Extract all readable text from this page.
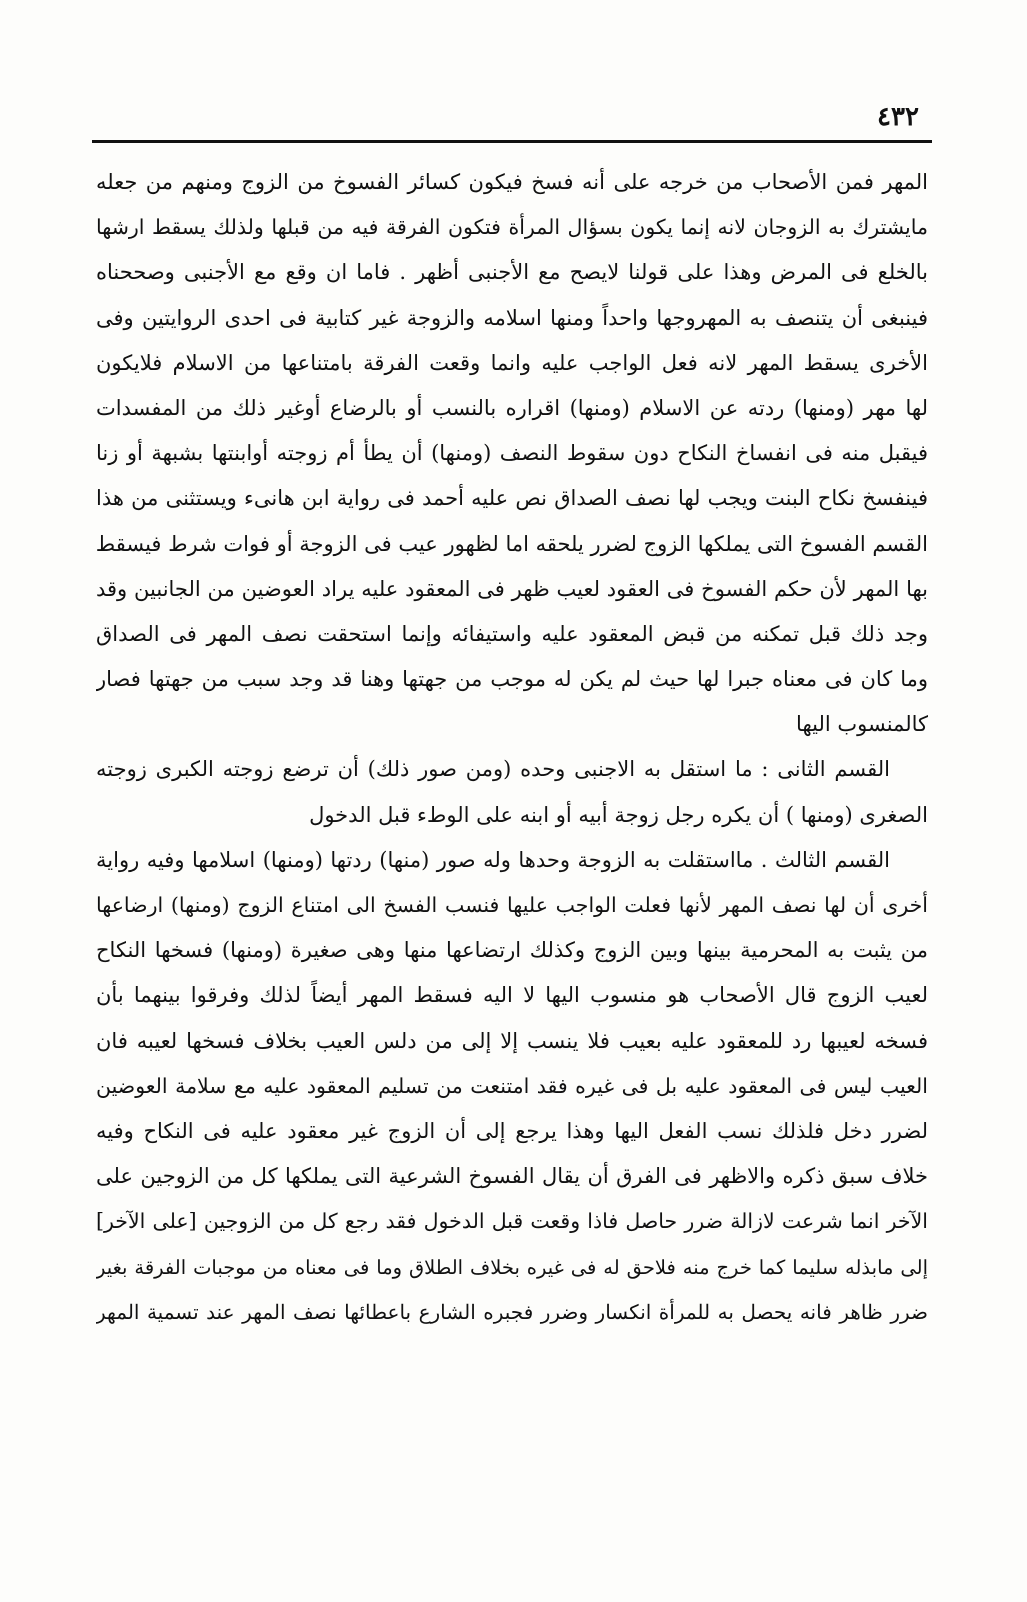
٤٣٢
المهر فمن الأصحاب من خرجه على أنه فسخ فيكون كسائر الفسوخ من الزوج ومنهم من جعله
مايشترك به الزوجان لانه إنما يكون بسؤال المرأة فتكون الفرقة فيه من قبلها ولذلك يسقط ارشها
بالخلع فى المرض وهذا على قولنا لايصح مع الأجنبى أظهر . فاما ان وقع مع الأجنبى وصححناه
فينبغى أن يتنصف به المهروجها واحداً ومنها اسلامه والزوجة غير كتابية فى احدى الروايتين وفى
الأخرى يسقط المهر لانه فعل الواجب عليه وانما وقعت الفرقة بامتناعها من الاسلام فلايكون
لها مهر (ومنها) ردته عن الاسلام (ومنها) اقراره بالنسب أو بالرضاع أوغير ذلك من المفسدات
فيقبل منه فى انفساخ النكاح دون سقوط النصف (ومنها) أن يطأ أم زوجته أوابنتها بشبهة أو زنا
فينفسخ نكاح البنت ويجب لها نصف الصداق نص عليه أحمد فى رواية ابن هانىء ويستثنى من هذا
القسم الفسوخ التى يملكها الزوج لضرر يلحقه اما لظهور عيب فى الزوجة أو فوات شرط فيسقط
بها المهر لأن حكم الفسوخ فى العقود لعيب ظهر فى المعقود عليه يراد العوضين من الجانبين وقد
وجد ذلك قبل تمكنه من قبض المعقود عليه واستيفائه وإنما استحقت نصف المهر فى الصداق
وما كان فى معناه جبرا لها حيث لم يكن له موجب من جهتها وهنا قد وجد سبب من جهتها فصار
كالمنسوب اليها
القسم الثانى : ما استقل به الاجنبى وحده (ومن صور ذلك) أن ترضع زوجته الكبرى زوجته
الصغرى (ومنها ) أن يكره رجل زوجة أبيه أو ابنه على الوطء قبل الدخول
القسم الثالث . مااستقلت به الزوجة وحدها وله صور (منها) ردتها (ومنها) اسلامها وفيه رواية
أخرى أن لها نصف المهر لأنها فعلت الواجب عليها فنسب الفسخ الى امتناع الزوج (ومنها) ارضاعها
من يثبت به المحرمية بينها وبين الزوج وكذلك ارتضاعها منها وهى صغيرة (ومنها) فسخها النكاح
لعيب الزوج قال الأصحاب هو منسوب اليها لا اليه فسقط المهر أيضاً لذلك وفرقوا بينهما بأن
فسخه لعيبها رد للمعقود عليه بعيب فلا ينسب إلا إلى من دلس العيب بخلاف فسخها لعيبه فان
العيب ليس فى المعقود عليه بل فى غيره فقد امتنعت من تسليم المعقود عليه مع سلامة العوضين
لضرر دخل فلذلك نسب الفعل اليها وهذا يرجع إلى أن الزوج غير معقود عليه فى النكاح وفيه
خلاف سبق ذكره والاظهر فى الفرق أن يقال الفسوخ الشرعية التى يملكها كل من الزوجين على
الآخر انما شرعت لازالة ضرر حاصل فاذا وقعت قبل الدخول فقد رجع كل من الزوجين [على الآخر]
إلى مابذله سليما كما خرج منه فلاحق له فى غيره بخلاف الطلاق وما فى معناه من موجبات الفرقة بغير
ضرر ظاهر فانه يحصل به للمرأة انكسار وضرر فجبره الشارع باعطائها نصف المهر عند تسمية المهر
